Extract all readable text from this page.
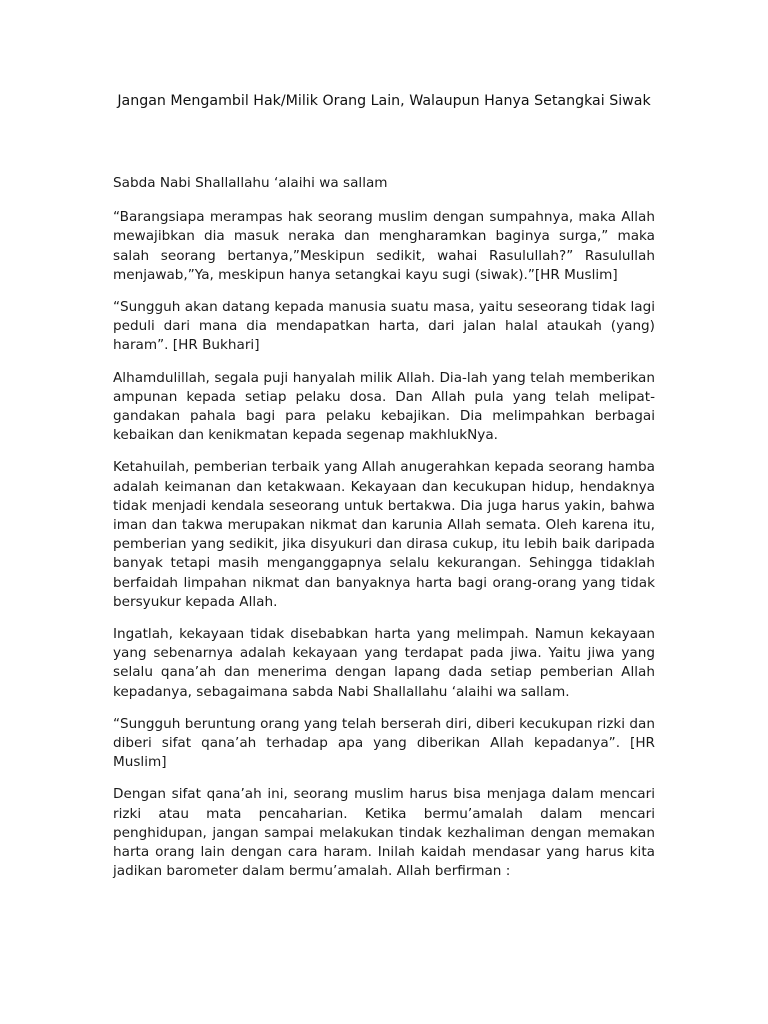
Jangan Mengambil Hak/Milik Orang Lain, Walaupun Hanya Setangkai Siwak

Sabda Nabi Shallallahu ‘alaihi wa sallam

“Barangsiapa merampas hak seorang muslim dengan sumpahnya, maka Allah mewajibkan dia masuk neraka dan mengharamkan baginya surga,” maka salah seorang bertanya,”Meskipun sedikit, wahai Rasulullah?” Rasulullah menjawab,”Ya, meskipun hanya setangkai kayu sugi (siwak).”[HR Muslim]

“Sungguh akan datang kepada manusia suatu masa, yaitu seseorang tidak lagi peduli dari mana dia mendapatkan harta, dari jalan halal ataukah (yang) haram”. [HR Bukhari]

Alhamdulillah, segala puji hanyalah milik Allah. Dia-lah yang telah memberikan ampunan kepada setiap pelaku dosa. Dan Allah pula yang telah melipat-gandakan pahala bagi para pelaku kebajikan. Dia melimpahkan berbagai kebaikan dan kenikmatan kepada segenap makhlukNya.

Ketahuilah, pemberian terbaik yang Allah anugerahkan kepada seorang hamba adalah keimanan dan ketakwaan. Kekayaan dan kecukupan hidup, hendaknya tidak menjadi kendala seseorang untuk bertakwa. Dia juga harus yakin, bahwa iman dan takwa merupakan nikmat dan karunia Allah semata. Oleh karena itu, pemberian yang sedikit, jika disyukuri dan dirasa cukup, itu lebih baik daripada banyak tetapi masih menganggapnya selalu kekurangan. Sehingga tidaklah berfaidah limpahan nikmat dan banyaknya harta bagi orang-orang yang tidak bersyukur kepada Allah.

Ingatlah, kekayaan tidak disebabkan harta yang melimpah. Namun kekayaan yang sebenarnya adalah kekayaan yang terdapat pada jiwa. Yaitu jiwa yang selalu qana’ah dan menerima dengan lapang dada setiap pemberian Allah kepadanya, sebagaimana sabda Nabi Shallallahu ‘alaihi wa sallam.

“Sungguh beruntung orang yang telah berserah diri, diberi kecukupan rizki dan diberi sifat qana’ah terhadap apa yang diberikan Allah kepadanya”. [HR Muslim]

Dengan sifat qana’ah ini, seorang muslim harus bisa menjaga dalam mencari rizki atau mata pencaharian. Ketika bermu’amalah dalam mencari penghidupan, jangan sampai melakukan tindak kezhaliman dengan memakan harta orang lain dengan cara haram. Inilah kaidah mendasar yang harus kita jadikan barometer dalam bermu’amalah. Allah berfirman :
